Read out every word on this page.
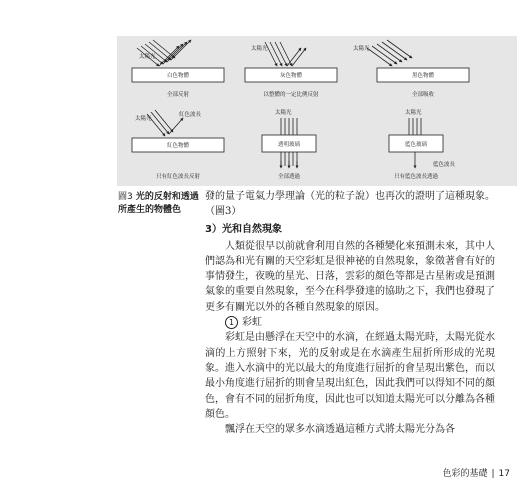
太陽光
白色物體
全部反射
太陽光
灰色物體
以整體的一定比例反射
太陽光
黑色物體
全部吸收
太陽光
紅色波長
紅色物體
只有紅色波長反射
太陽光
透明玻璃
全部透過
太陽光
藍色波長
藍色玻璃
只有藍色波長透過
圖3 光的反射和透過所產生的物體色

發的量子電氣力學理論（光的粒子說）也再次的證明了這種現象。（圖3）

3）光和自然現象

人類從很早以前就會利用自然的各種變化來預測未來，其中人們認為和光有關的天空彩虹是很神祕的自然現象，象徵著會有好的事情發生，夜晚的星光、日落，雲彩的顏色等都是古星術或是預測氣象的重要自然現象，至今在科學發達的協助之下，我們也發現了更多有關光以外的各種自然現象的原因。

1 彩虹

彩虹是由懸浮在天空中的水滴，在經過太陽光時，太陽光從水滴的上方照射下來，光的反射或是在水滴產生屈折所形成的光現象。進入水滴中的光以最大的角度進行屈折的會呈現出紫色，而以最小角度進行屈折的則會呈現出紅色，因此我們可以得知不同的顏色，會有不同的屈折角度，因此也可以知道太陽光可以分離為各種顏色。

飄浮在天空的眾多水滴透過這種方式將太陽光分為各

色彩的基礎 | 17
